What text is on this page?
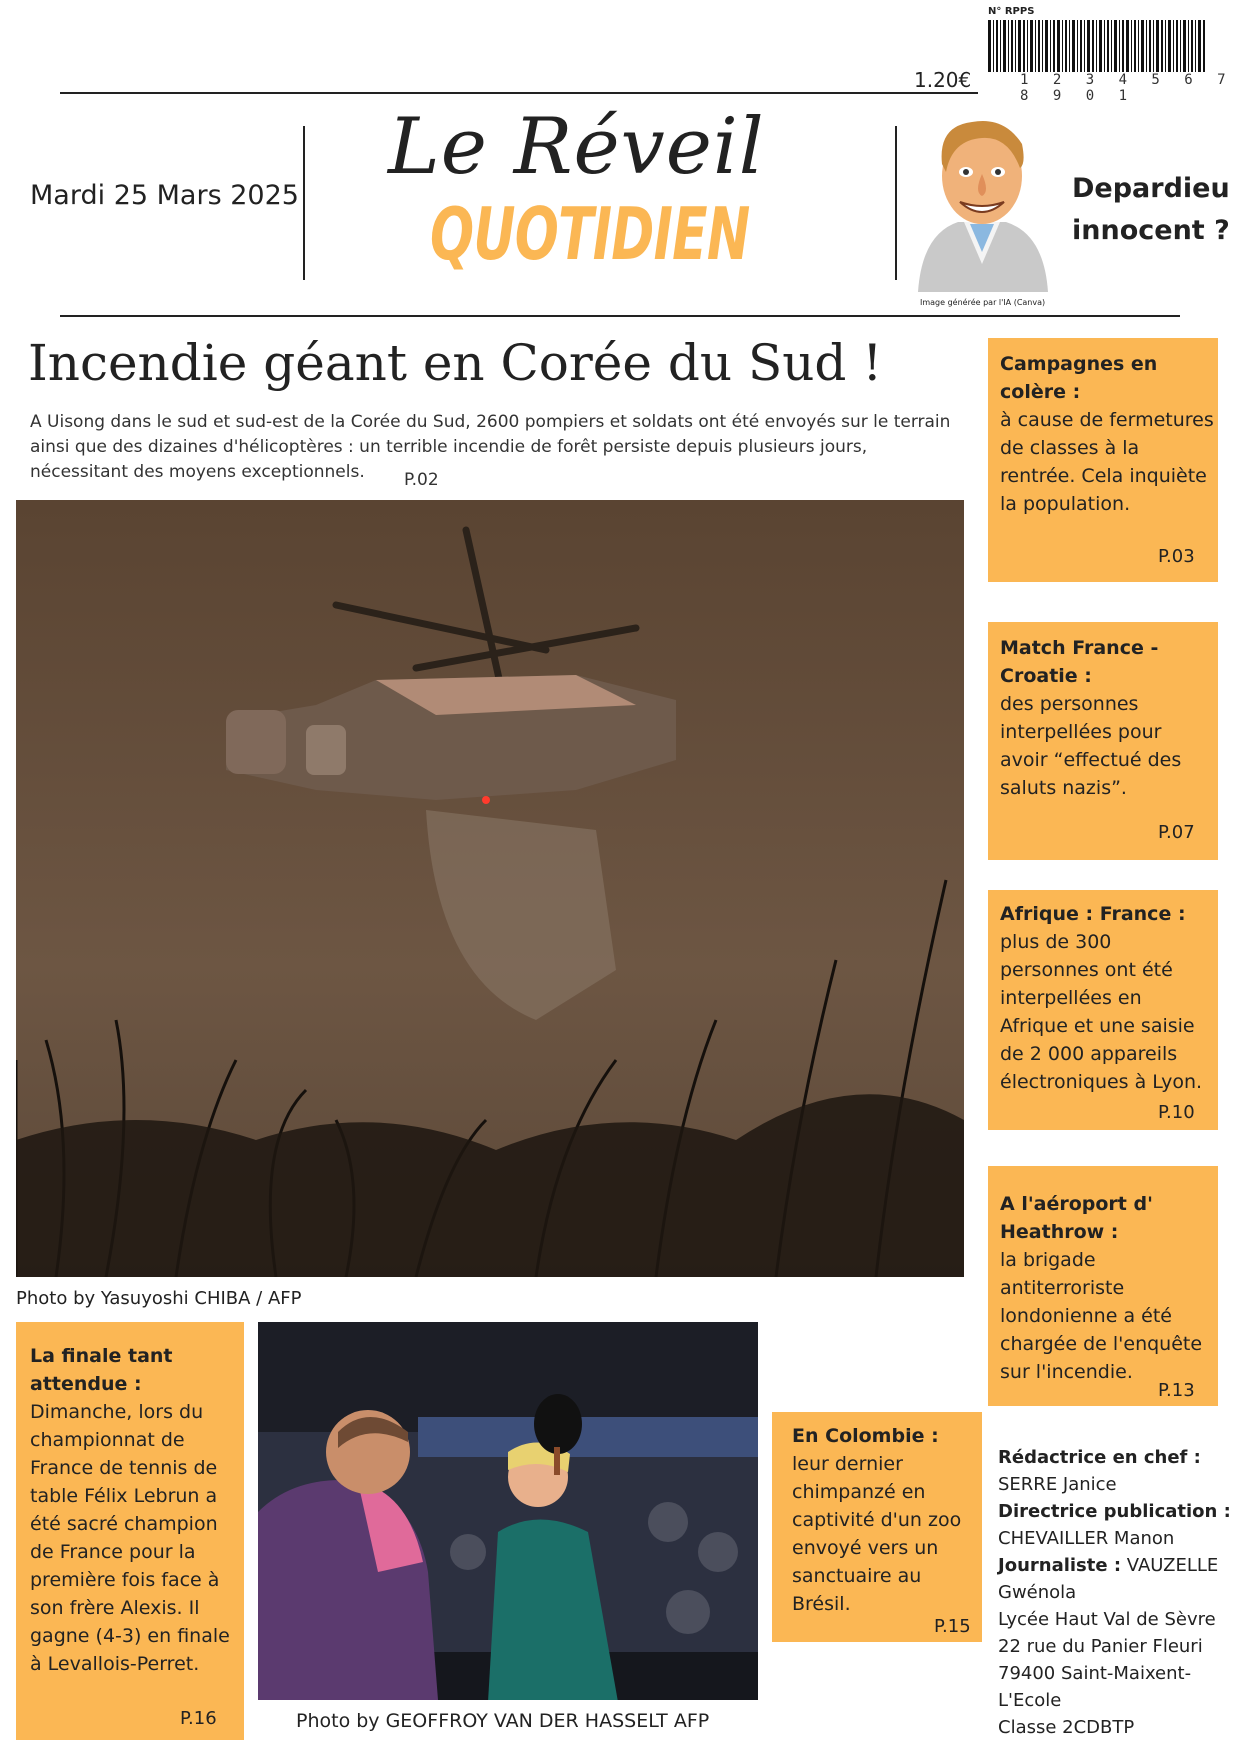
N° RPPS
1 2 3 4 5 6 7 8 9 0 1
1.20€
Mardi 25 Mars 2025
Le Réveil
QUOTIDIEN
Image générée par l'IA (Canva)
Depardieu innocent ?
Incendie géant en Corée du Sud !
A Uisong dans le sud et sud-est de la Corée du Sud, 2600 pompiers et soldats ont été envoyés sur le terrain ainsi que des dizaines d'hélicoptères : un terrible incendie de forêt persiste depuis plusieurs jours, nécessitant des moyens exceptionnels.	P.02
Photo by Yasuyoshi CHIBA / AFP
Campagnes en colère :
à cause de fermetures de classes à la rentrée. Cela inquiète la population.
P.03
Match France - Croatie :
des personnes interpellées pour avoir “effectué des saluts nazis”.
P.07
Afrique : France :
plus de 300 personnes ont été interpellées en Afrique et une saisie de 2 000 appareils électroniques à Lyon.
P.10
A l'aéroport d' Heathrow :
la brigade antiterroriste londonienne a été chargée de l'enquête sur l'incendie.
P.13
En Colombie :
leur dernier chimpanzé en captivité d'un zoo envoyé vers un sanctuaire au Brésil.
P.15
La finale tant attendue :
Dimanche, lors du championnat de France de tennis de table Félix Lebrun a été sacré champion de France pour la première fois face à son frère Alexis. Il gagne (4-3) en finale à Levallois-Perret.
P.16	Photo by GEOFFROY VAN DER HASSELT AFP
Rédactrice en chef :
SERRE Janice
Directrice publication :
CHEVAILLER Manon
Journaliste : VAUZELLE Gwénola
Lycée Haut Val de Sèvre
22 rue du Panier Fleuri
79400 Saint-Maixent-L'Ecole
Classe 2CDBTP
